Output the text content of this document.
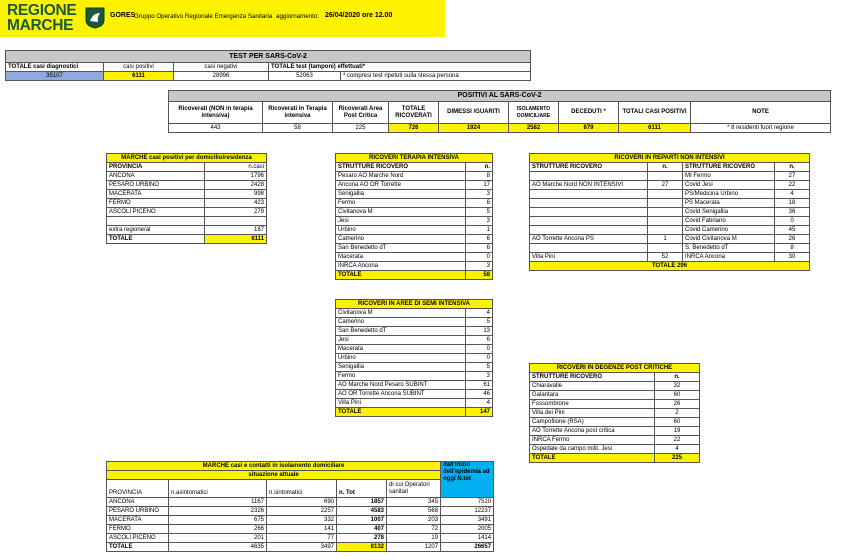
REGIONE
MARCHE
GORES
Gruppo Operativo Regionale Emergenza Sanitaria aggiornamento: 26/04/2020 ore 12.00
TEST PER SARS-CoV-2				
TOTALE casi diagnostici	casi positivi	casi negativi	TOTALE test (tamponi) effettuati*	
35107	6111	28996	52063	* compresi test ripetuti sulla stessa persona
POSITIVI AL SARS-CoV-2								
Ricoverati (NON in terapia intensiva)	Ricoverati In Terapia intensiva	Ricoverati Area Post Critica	TOTALE RICOVERATI	DIMESSI /GUARITI	ISOLAMENTO DOMICILIARE	DECEDUTI *	TOTALI CASI POSITIVI	NOTE
443	58	225	726	1924	2582	879	6111	* 8 residenti fuori regione
MARCHE casi positivi per domicilio/residenza	
PROVINCIA	n.casi
ANCONA	1796
PESARO URBINO	2428
MACERATA	998
FERMO	423
ASCOLI PICENO	279

extra regione/al	187
TOTALE	6111
RICOVERI TERAPIA INTENSIVA	
STRUTTURE RICOVERO	n.
Pesaro AO Marche Nord	8
Ancona AO OR Torrette	17
Senigallia	3
Fermo	6
Civitanova M	5
Jesi	3
Urbino	1
Camerino	6
San Benedetto dT	6
Macerata	0
INRCA Ancona	3
TOTALE	58
RICOVERI IN AREE DI SEMI INTENSIVA	
Civitanova M	4
Camerino	5
San Benedetto dT	13
Jesi	6
Macerata	0
Urbino	0
Senigallia	5
Fermo	3
AO Marche Nord Pesaro SUBINT	61
AO OR Torrette Ancona SUBINT	46
Villa Pini	4
TOTALE	147
RICOVERI IN REPARTI NON INTENSIVI			
STRUTTURE RICOVERO	n.	STRUTTURE RICOVERO	n.
		MI Fermo	27
AO Marche Nord NON INTENSIVI	27	Covid Jesi	22
		PS/Medicina Urbino	4
		PS Macerata	18
		Covid Senigallia	36
		Covid Fabriano	0
		Covid Camerino	45
AO Torrette Ancona PS	1	Covid Civitanova M	26
		S. Benedetto dT	8
Villa Pini	52	INRCA Ancona	30
TOTALE 296			
RICOVERI IN DEGENZE POST CRITICHE	
STRUTTURE RICOVERO	n.
Chiaravalle	32
Galantara	60
Fossombrone	26
Villa dei Pini	2
Campofilone (RSA)	60
AO Torrette Ancona post critica	19
INRCA Fermo	22
Ospedale da campo milit. Jesi	4
TOTALE	225
MARCHE casi e contatti in isolamento domiciliare					dall'inizio dell'epidemia ad oggi N.tot
situazione attuale					
PROVINCIA	n.asintomatici	n.sintomatici	n. Tot	di cui Operatori sanitari	
ANCONA	1167	690	1857	345	7510
PESARO URBINO	2326	2257	4583	568	12237
MACERATA	675	332	1007	203	3491
FERMO	266	141	407	72	2005
ASCOLI PICENO	201	77	278	19	1414
TOTALE	4635	3497	8132	1207	26657
